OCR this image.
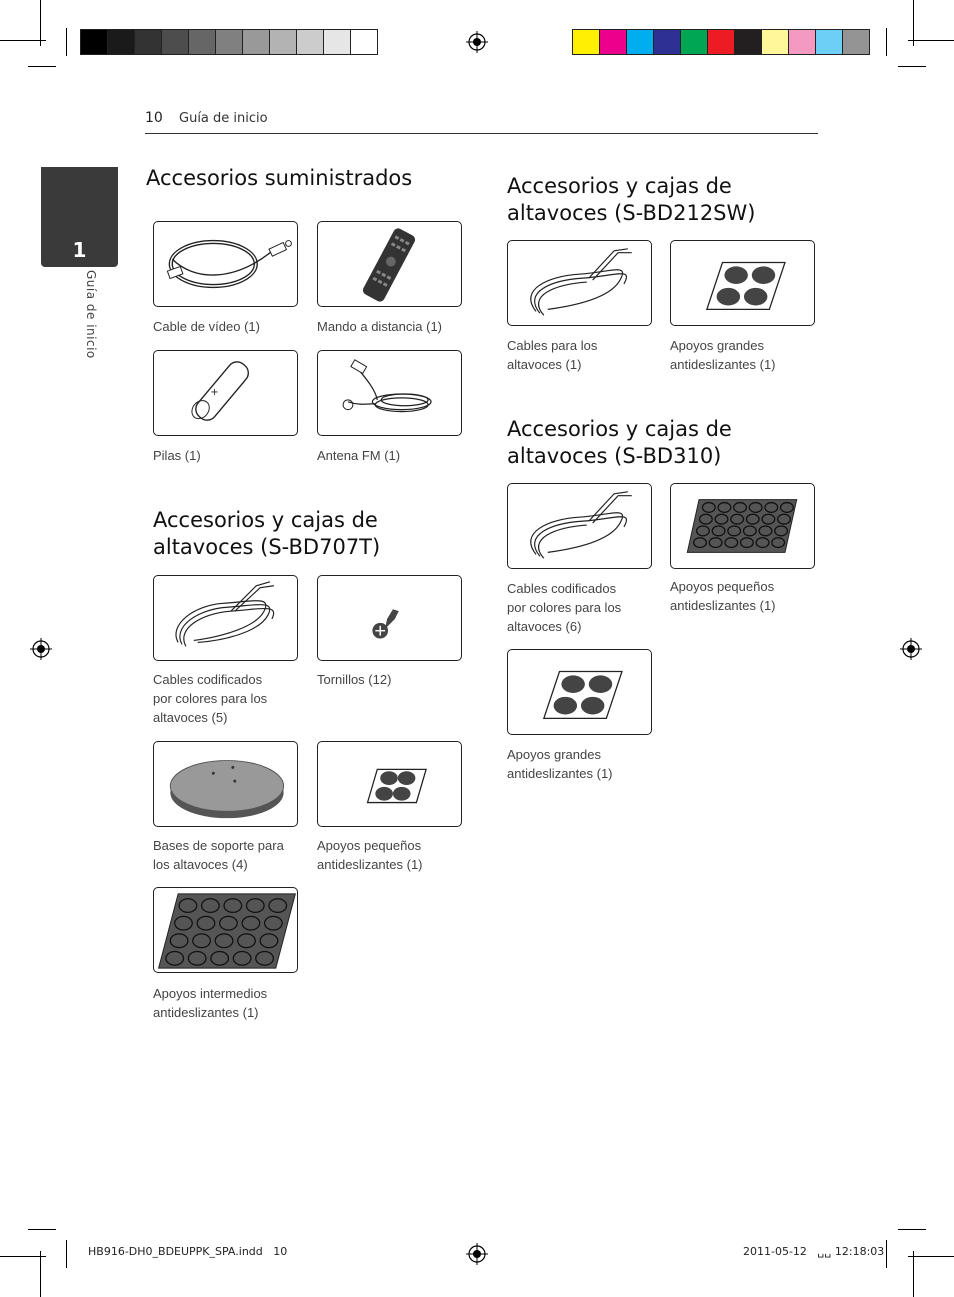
10 Guía de inicio
1
Guía de inicio
Accesorios suministrados
Cable de vídeo (1)	Mando a distancia (1)
+
Pilas (1)	Antena FM (1)
Accesorios y cajas de
altavoces (S-BD707T)
Cables codificados
por colores para los
altavoces (5)
Tornillos (12)
Bases de soporte para
los altavoces (4)
Apoyos pequeños
antideslizantes (1)
Apoyos intermedios
antideslizantes (1)
Accesorios y cajas de
altavoces (S-BD212SW)
Cables para los
altavoces (1)
Apoyos grandes
antideslizantes (1)
Accesorios y cajas de
altavoces (S-BD310)
Cables codificados
por colores para los
altavoces (6)
Apoyos pequeños
antideslizantes (1)
Apoyos grandes
antideslizantes (1)
HB916-DH0_BDEUPPK_SPA.indd   10	2011-05-12   ␣␣ 12:18:03
